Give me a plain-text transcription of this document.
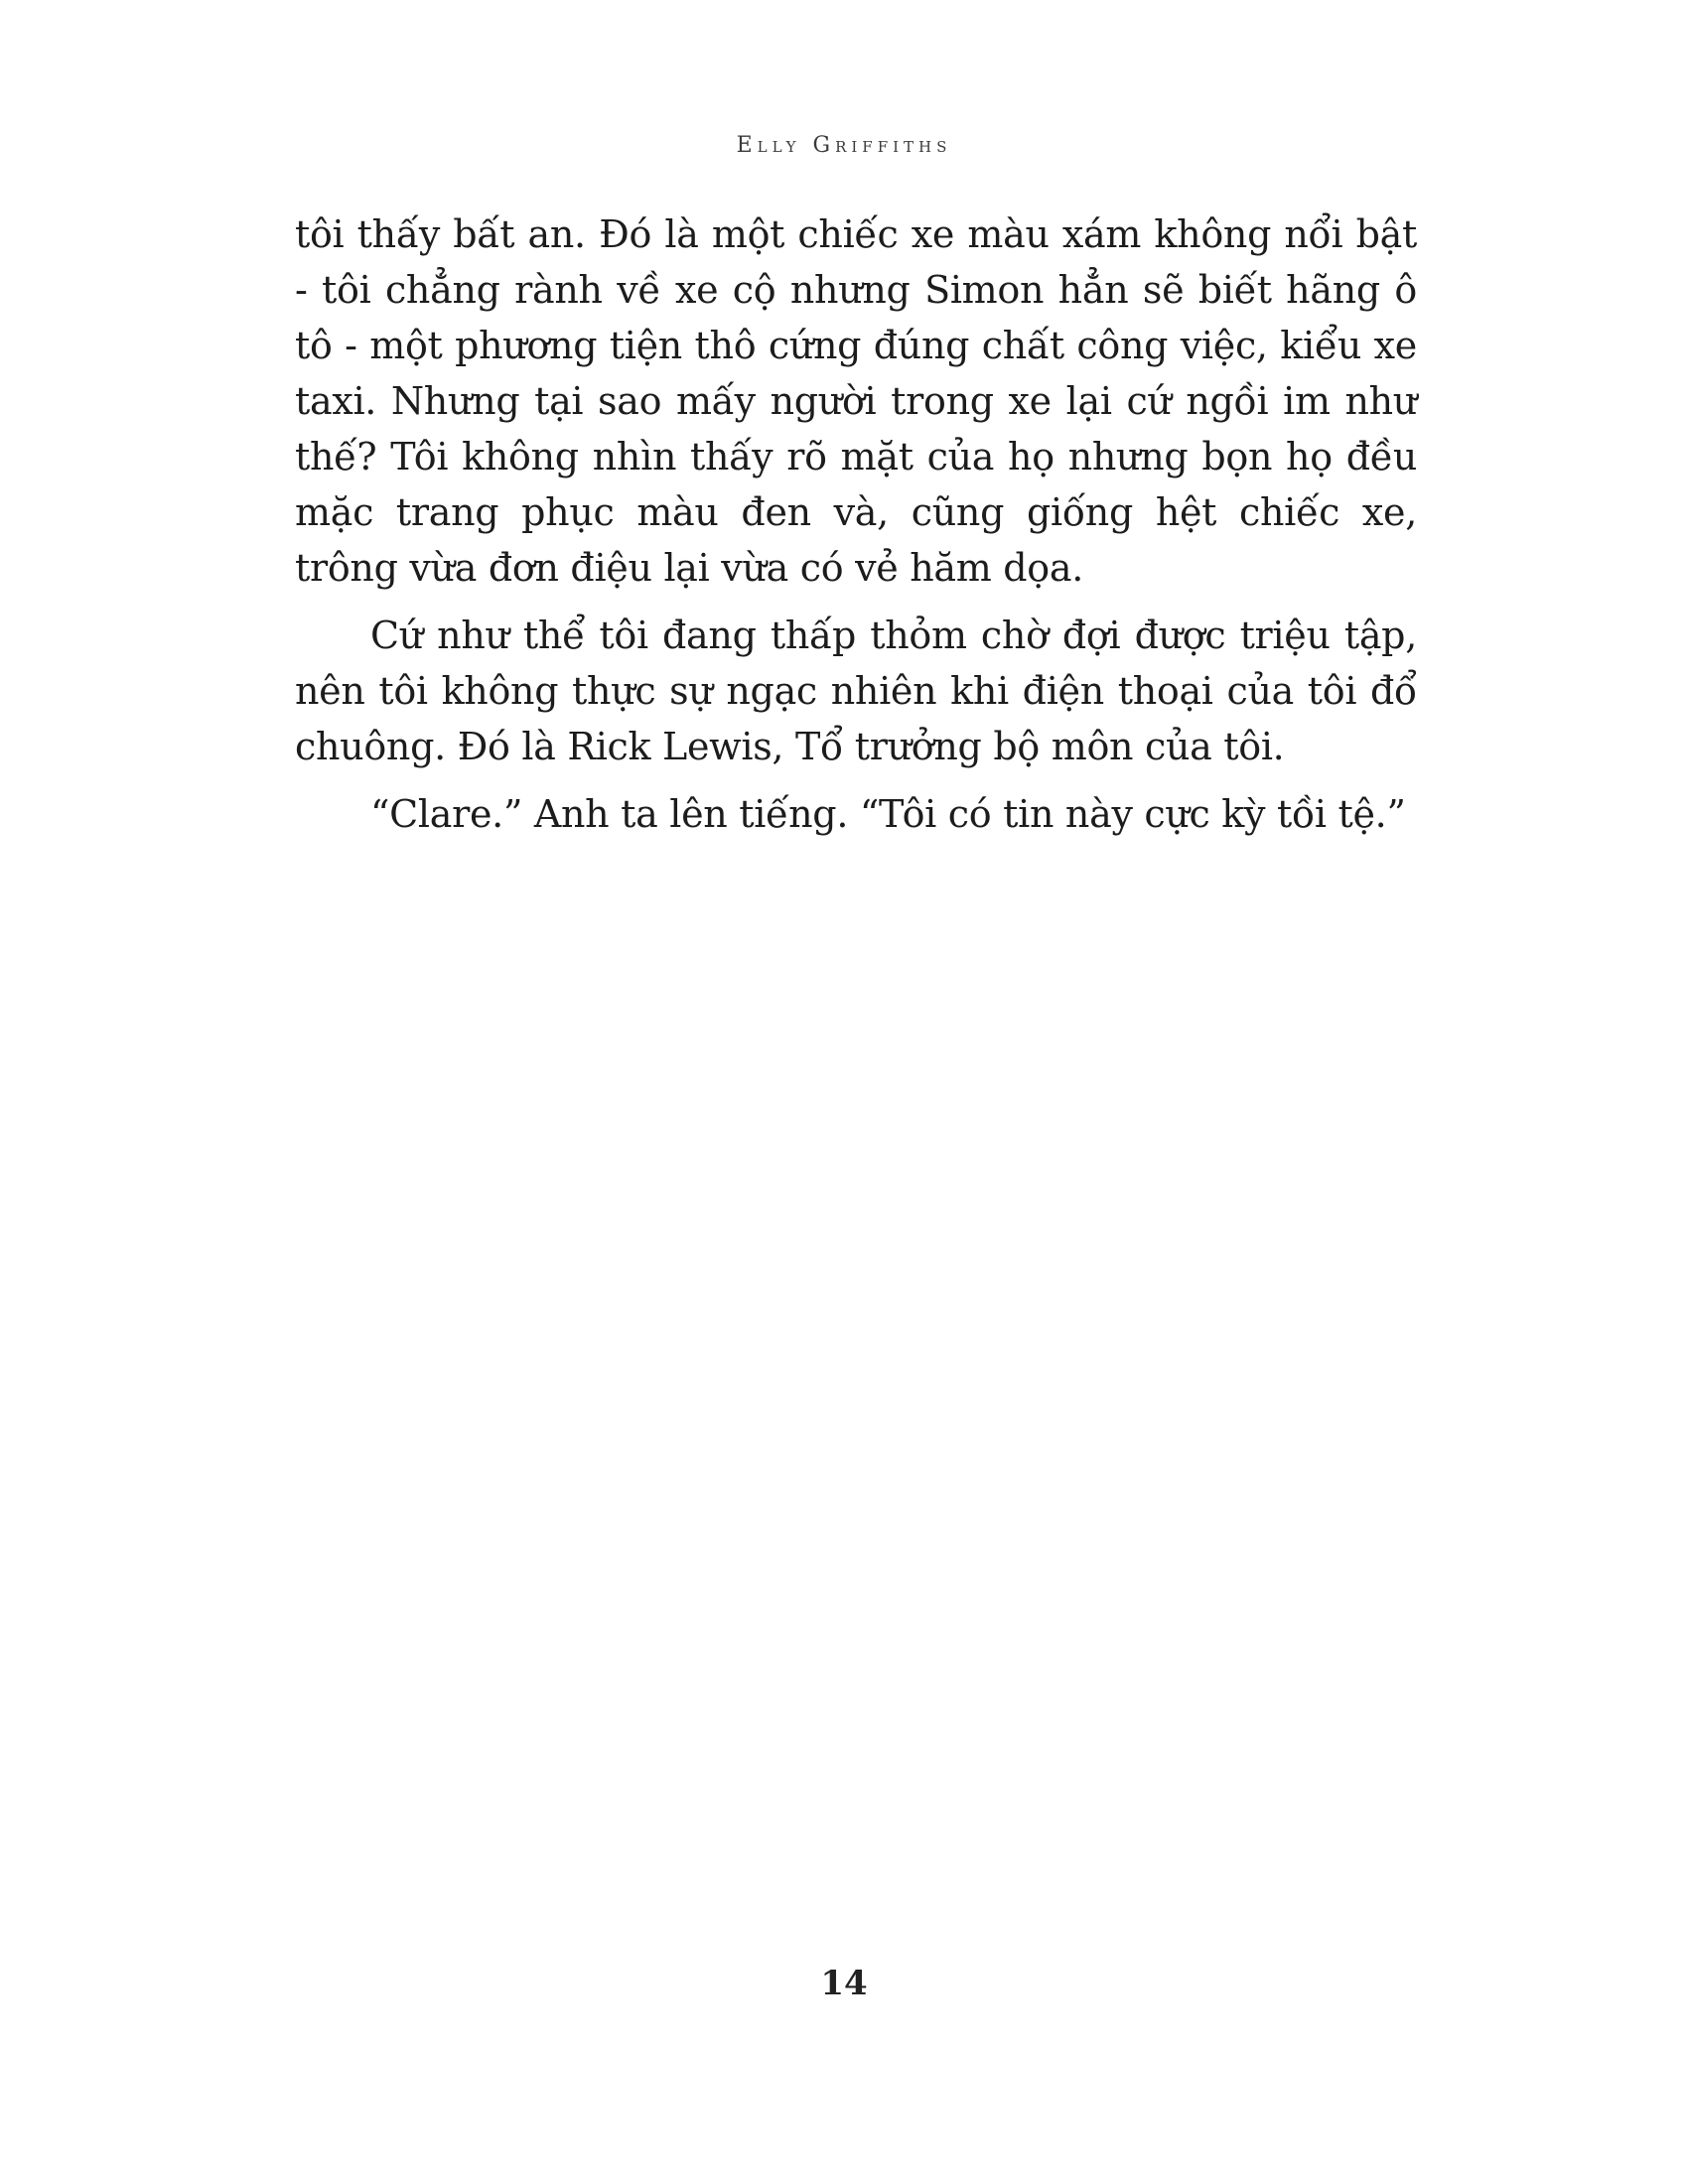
Elly Griffiths

tôi thấy bất an. Đó là một chiếc xe màu xám không nổi bật - tôi chẳng rành về xe cộ nhưng Simon hẳn sẽ biết hãng ô tô - một phương tiện thô cứng đúng chất công việc, kiểu xe taxi. Nhưng tại sao mấy người trong xe lại cứ ngồi im như thế? Tôi không nhìn thấy rõ mặt của họ nhưng bọn họ đều mặc trang phục màu đen và, cũng giống hệt chiếc xe, trông vừa đơn điệu lại vừa có vẻ hăm dọa.

Cứ như thể tôi đang thấp thỏm chờ đợi được triệu tập, nên tôi không thực sự ngạc nhiên khi điện thoại của tôi đổ chuông. Đó là Rick Lewis, Tổ trưởng bộ môn của tôi.

“Clare.” Anh ta lên tiếng. “Tôi có tin này cực kỳ tồi tệ.”

14
